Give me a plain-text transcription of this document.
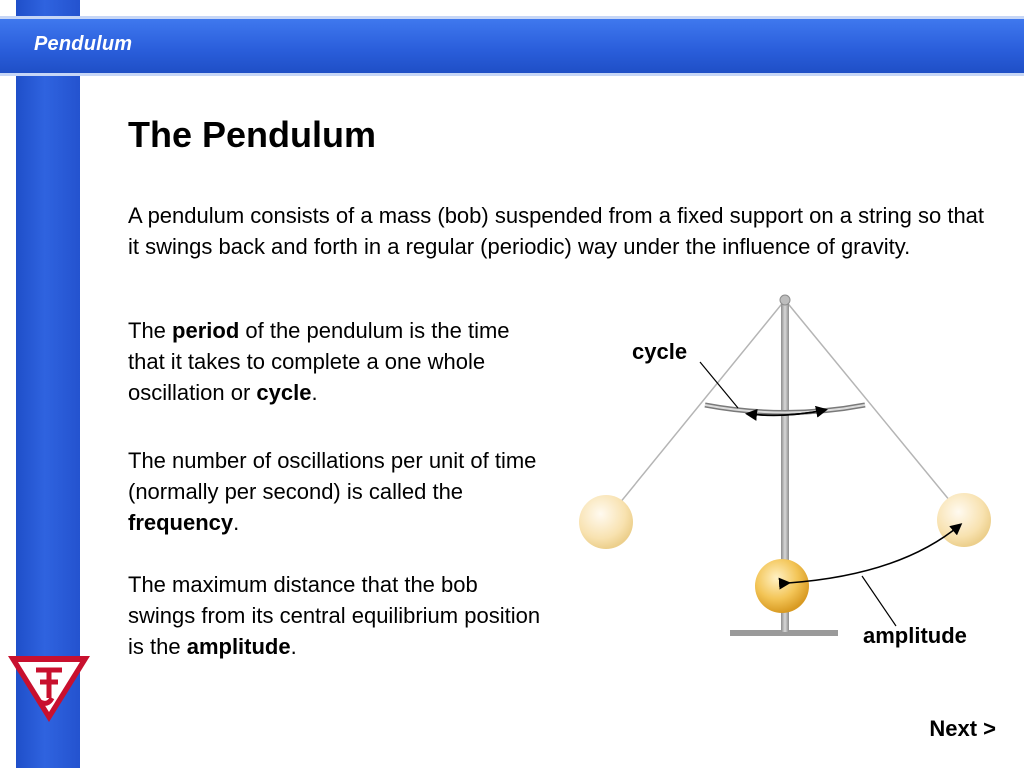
Pendulum
The Pendulum

A pendulum consists of a mass (bob) suspended from a fixed support on a string so that it swings back and forth in a regular (periodic) way under the influence of gravity.

The period of the pendulum is the time that it takes to complete a one whole oscillation or cycle.

The number of oscillations per unit of time (normally per second) is called the frequency.

The maximum distance that the bob swings from its central equilibrium position is the amplitude.

cycle
amplitude
Next >
